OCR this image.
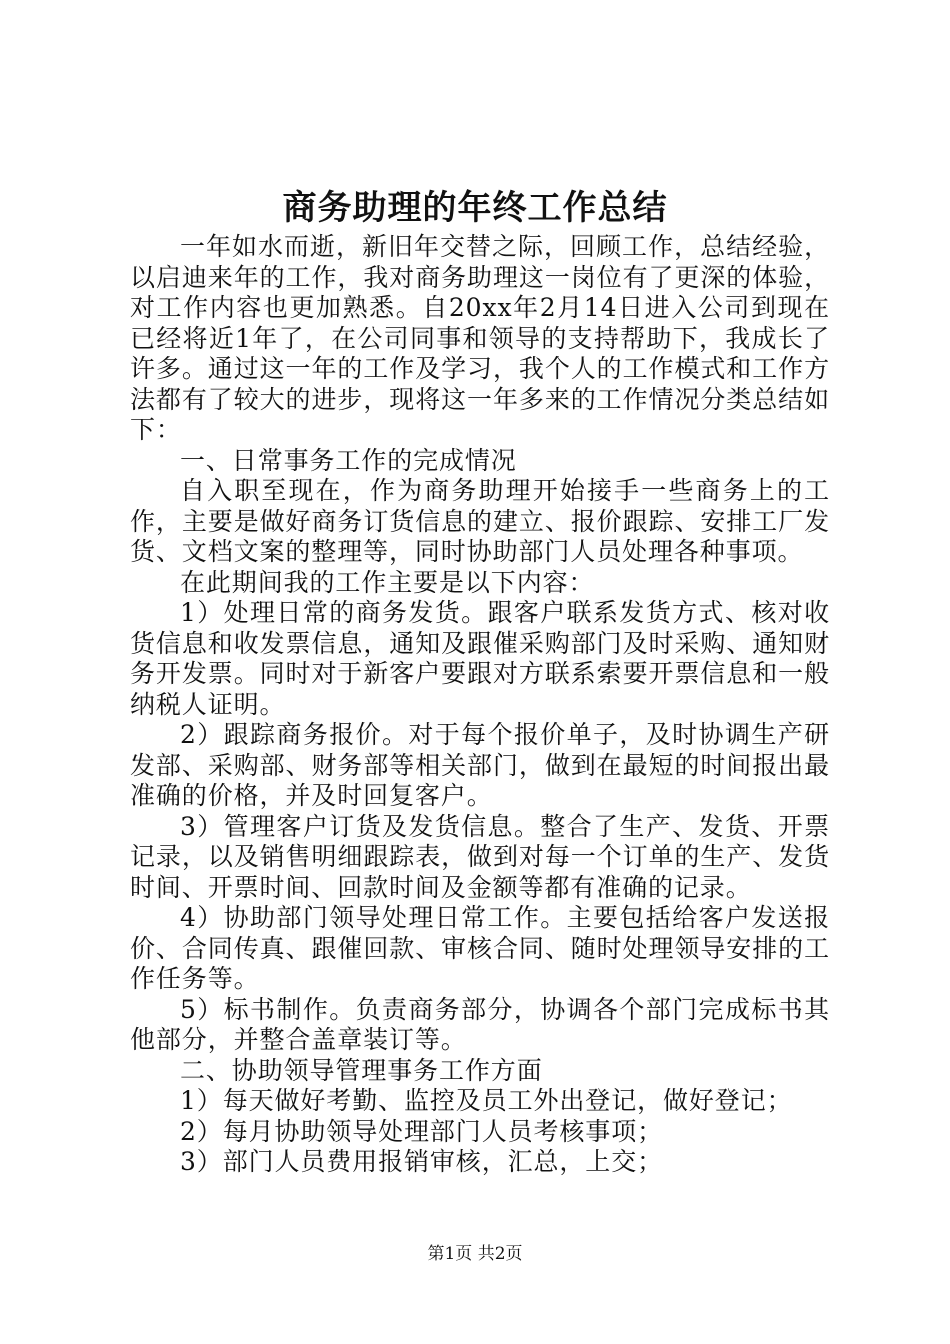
商务助理的年终工作总结

一年如水而逝，新旧年交替之际，回顾工作，总结经验，以启迪来年的工作，我对商务助理这一岗位有了更深的体验，对工作内容也更加熟悉。自20xx年2月14日进入公司到现在已经将近1年了，在公司同事和领导的支持帮助下，我成长了许多。通过这一年的工作及学习，我个人的工作模式和工作方法都有了较大的进步，现将这一年多来的工作情况分类总结如下：

一、日常事务工作的完成情况

自入职至现在，作为商务助理开始接手一些商务上的工作，主要是做好商务订货信息的建立、报价跟踪、安排工厂发货、文档文案的整理等，同时协助部门人员处理各种事项。

在此期间我的工作主要是以下内容：

1）处理日常的商务发货。跟客户联系发货方式、核对收货信息和收发票信息，通知及跟催采购部门及时采购、通知财务开发票。同时对于新客户要跟对方联系索要开票信息和一般纳税人证明。

2）跟踪商务报价。对于每个报价单子，及时协调生产研发部、采购部、财务部等相关部门，做到在最短的时间报出最准确的价格，并及时回复客户。

3）管理客户订货及发货信息。整合了生产、发货、开票记录，以及销售明细跟踪表，做到对每一个订单的生产、发货时间、开票时间、回款时间及金额等都有准确的记录。

4）协助部门领导处理日常工作。主要包括给客户发送报价、合同传真、跟催回款、审核合同、随时处理领导安排的工作任务等。

5）标书制作。负责商务部分，协调各个部门完成标书其他部分，并整合盖章装订等。

二、协助领导管理事务工作方面

1）每天做好考勤、监控及员工外出登记，做好登记；

2）每月协助领导处理部门人员考核事项；

3）部门人员费用报销审核，汇总，上交；

第1页 共2页
